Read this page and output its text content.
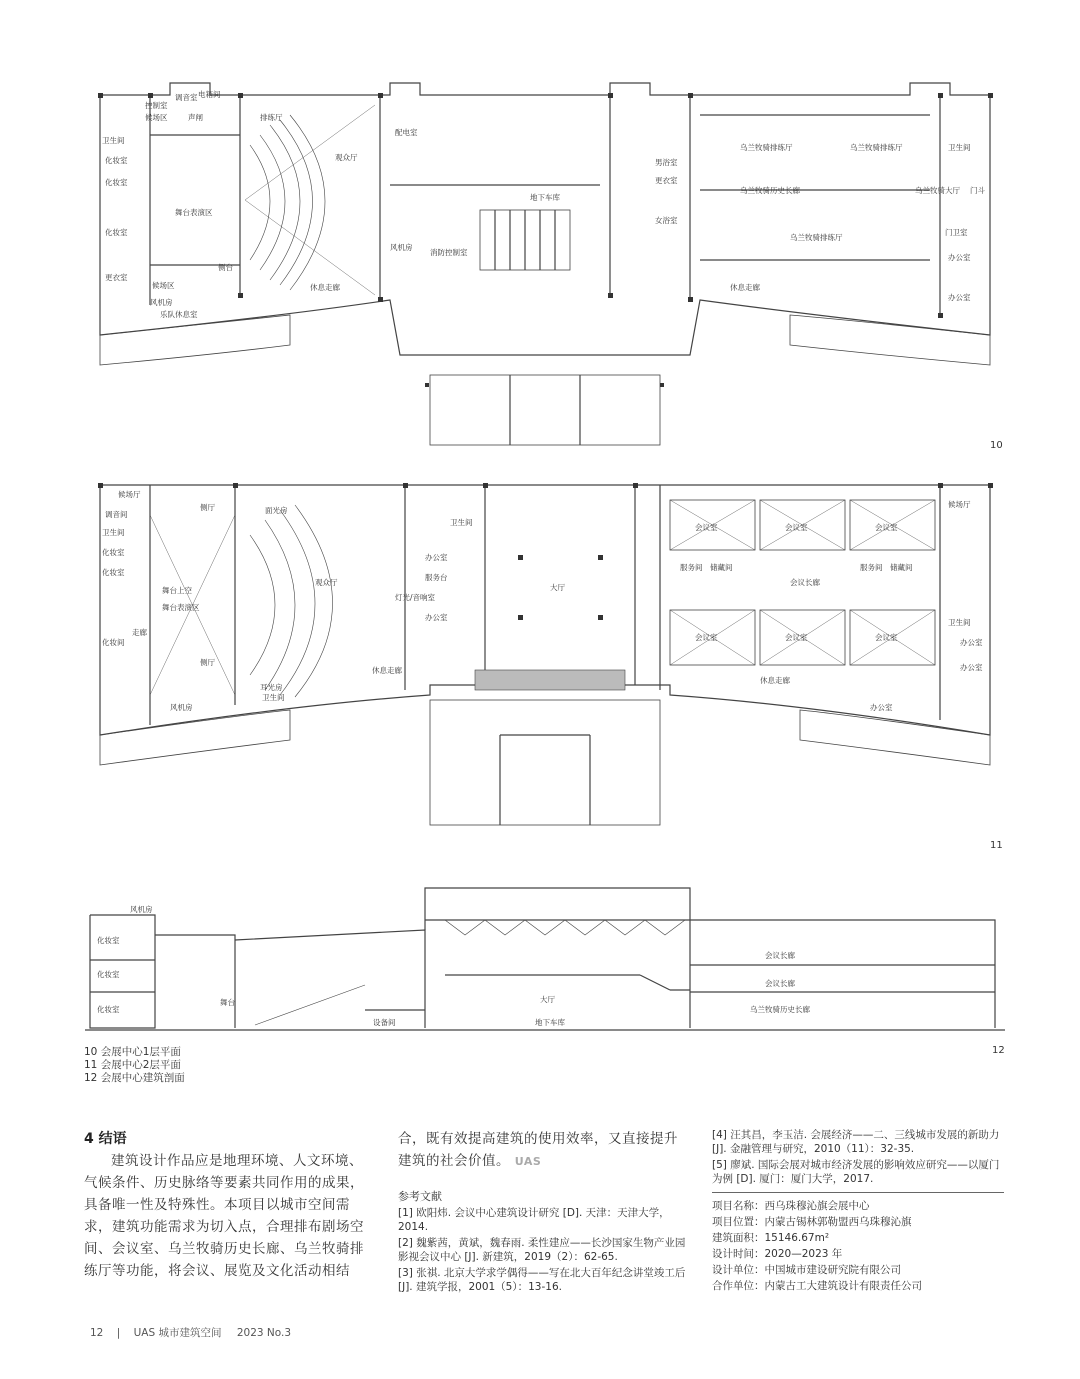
调音室 电箱间
控制室
候场区	声闸
观众厅
配电室
卫生间
化妆室
化妆室
排练厅
化妆室
地下车库
舞台表演区
风机房
消防控制室
更衣室
候场区
侧台
休息走廊
风机房
乐队休息室
乌兰牧骑排练厅	乌兰牧骑排练厅
乌兰牧骑历史长廊	乌兰牧骑大厅
乌兰牧骑排练厅
男浴室
更衣室
女浴室
门卫室
办公室
办公室
休息走廊
卫生间
门斗
10
候场厅
调音间
卫生间
化妆室
化妆室
化妆间
走廊
舞台上空
舞台表演区
侧厅
侧厅
面光房
观众厅
耳光房
风机房
卫生间
办公室
服务台
灯光/音响室
办公室
大厅
休息走廊
卫生间
会议室	会议室	会议室
服务间 储藏间
会议长廊
服务间 储藏间
会议室	会议室	会议室
休息走廊
卫生间
办公室
办公室
办公室
候场厅
11
风机房
化妆室
化妆室
化妆室
舞台	大厅
地下车库
设备间
会议长廊
会议长廊
乌兰牧骑历史长廊
12
10 会展中心1层平面
11 会展中心2层平面
12 会展中心建筑剖面
4 结语
建筑设计作品应是地理环境、人文环境、气候条件、历史脉络等要素共同作用的成果，具备唯一性及特殊性。本项目以城市空间需求，建筑功能需求为切入点，合理排布剧场空间、会议室、乌兰牧骑历史长廊、乌兰牧骑排练厅等功能，将会议、展览及文化活动相结
合，既有效提高建筑的使用效率，又直接提升建筑的社会价值。 UAS
参考文献
[1] 欧阳炜. 会议中心建筑设计研究 [D]. 天津：天津大学，2014.
[2] 魏紫茜，黄斌，魏春雨. 柔性建应——长沙国家生物产业园影视会议中心 [J]. 新建筑，2019（2）：62-65.
[3] 张祺. 北京大学求学偶得——写在北大百年纪念讲堂竣工后 [J]. 建筑学报，2001（5）：13-16.
[4] 汪其昌，李玉洁. 会展经济——二、三线城市发展的新助力 [J]. 金融管理与研究，2010（11）：32-35.
[5] 廖斌. 国际会展对城市经济发展的影响效应研究——以厦门为例 [D]. 厦门：厦门大学，2017.
项目名称：西乌珠穆沁旗会展中心
项目位置：内蒙古锡林郭勒盟西乌珠穆沁旗
建筑面积：15146.67m²
设计时间：2020—2023 年
设计单位：中国城市建设研究院有限公司
合作单位：内蒙古工大建筑设计有限责任公司
12 | UAS 城市建筑空间 2023 No.3
